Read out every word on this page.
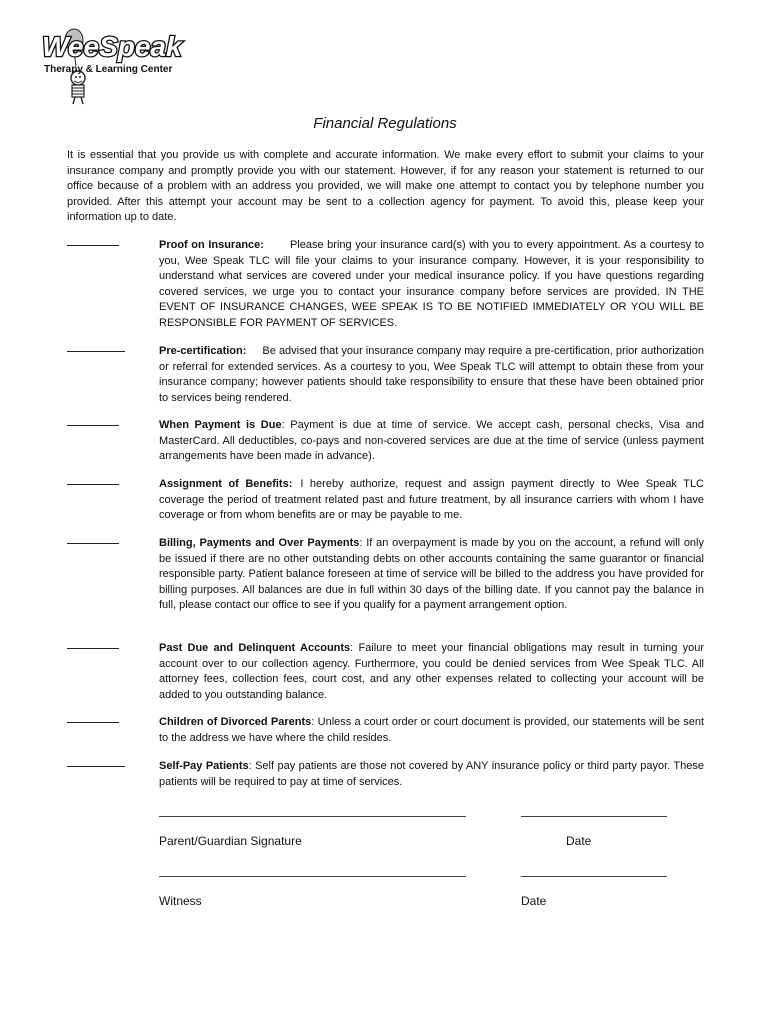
WeeSpeak
Therapy & Learning Center
Financial Regulations

It is essential that you provide us with complete and accurate information. We make every effort to submit your claims to your insurance company and promptly provide you with our statement. However, if for any reason your statement is returned to our office because of a problem with an address you provided, we will make one attempt to contact you by telephone number you provided. After this attempt your account may be sent to a collection agency for payment. To avoid this, please keep your information up to date.

Proof on Insurance: Please bring your insurance card(s) with you to every appointment. As a courtesy to you, Wee Speak TLC will file your claims to your insurance company. However, it is your responsibility to understand what services are covered under your medical insurance policy. If you have questions regarding covered services, we urge you to contact your insurance company before services are provided. IN THE EVENT OF INSURANCE CHANGES, WEE SPEAK IS TO BE NOTIFIED IMMEDIATELY OR YOU WILL BE RESPONSIBLE FOR PAYMENT OF SERVICES.

Pre-certification: Be advised that your insurance company may require a pre-certification, prior authorization or referral for extended services. As a courtesy to you, Wee Speak TLC will attempt to obtain these from your insurance company; however patients should take responsibility to ensure that these have been obtained prior to services being rendered.

When Payment is Due: Payment is due at time of service. We accept cash, personal checks, Visa and MasterCard. All deductibles, co-pays and non-covered services are due at the time of service (unless payment arrangements have been made in advance).

Assignment of Benefits: I hereby authorize, request and assign payment directly to Wee Speak TLC coverage the period of treatment related past and future treatment, by all insurance carriers with whom I have coverage or from whom benefits are or may be payable to me.

Billing, Payments and Over Payments: If an overpayment is made by you on the account, a refund will only be issued if there are no other outstanding debts on other accounts containing the same guarantor or financial responsible party. Patient balance foreseen at time of service will be billed to the address you have provided for billing purposes. All balances are due in full within 30 days of the billing date. If you cannot pay the balance in full, please contact our office to see if you qualify for a payment arrangement option.

Past Due and Delinquent Accounts: Failure to meet your financial obligations may result in turning your account over to our collection agency. Furthermore, you could be denied services from Wee Speak TLC. All attorney fees, collection fees, court cost, and any other expenses related to collecting your account will be added to you outstanding balance.

Children of Divorced Parents: Unless a court order or court document is provided, our statements will be sent to the address we have where the child resides.

Self-Pay Patients: Self pay patients are those not covered by ANY insurance policy or third party payor. These patients will be required to pay at time of services.

Parent/Guardian Signature	Date

Witness	Date
